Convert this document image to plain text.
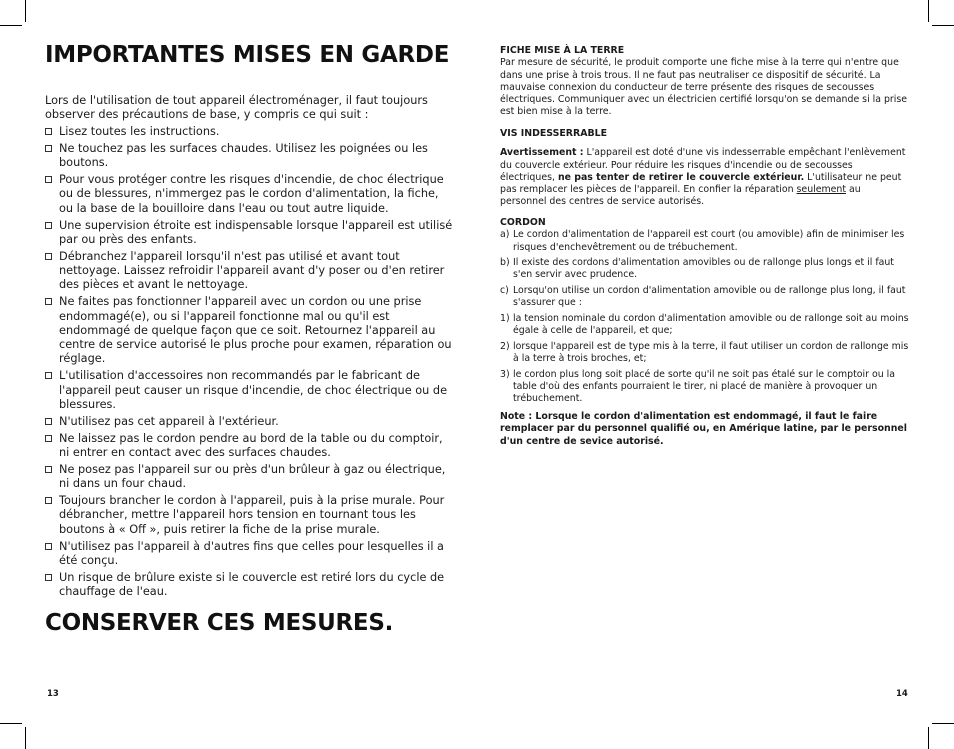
IMPORTANTES MISES EN GARDE

Lors de l'utilisation de tout appareil électroménager, il faut toujours observer des précautions de base, y compris ce qui suit :

Lisez toutes les instructions.
Ne touchez pas les surfaces chaudes. Utilisez les poignées ou les boutons.
Pour vous protéger contre les risques d'incendie, de choc électrique ou de blessures, n'immergez pas le cordon d'alimentation, la fiche, ou la base de la bouilloire dans l'eau ou tout autre liquide.
Une supervision étroite est indispensable lorsque l'appareil est utilisé par ou près des enfants.
Débranchez l'appareil lorsqu'il n'est pas utilisé et avant tout nettoyage. Laissez refroidir l'appareil avant d'y poser ou d'en retirer des pièces et avant le nettoyage.
Ne faites pas fonctionner l'appareil avec un cordon ou une prise endommagé(e), ou si l'appareil fonctionne mal ou qu'il est endommagé de quelque façon que ce soit. Retournez l'appareil au centre de service autorisé le plus proche pour examen, réparation ou réglage.
L'utilisation d'accessoires non recommandés par le fabricant de l'appareil peut causer un risque d'incendie, de choc électrique ou de blessures.
N'utilisez pas cet appareil à l'extérieur.
Ne laissez pas le cordon pendre au bord de la table ou du comptoir, ni entrer en contact avec des surfaces chaudes.
Ne posez pas l'appareil sur ou près d'un brûleur à gaz ou électrique, ni dans un four chaud.
Toujours brancher le cordon à l'appareil, puis à la prise murale. Pour débrancher, mettre l'appareil hors tension en tournant tous les boutons à « Off », puis retirer la fiche de la prise murale.
N'utilisez pas l'appareil à d'autres fins que celles pour lesquelles il a été conçu.
Un risque de brûlure existe si le couvercle est retiré lors du cycle de chauffage de l'eau.
CONSERVER CES MESURES.
13
FICHE MISE À LA TERRE
Par mesure de sécurité, le produit comporte une fiche mise à la terre qui n'entre que dans une prise à trois trous. Il ne faut pas neutraliser ce dispositif de sécurité. La mauvaise connexion du conducteur de terre présente des risques de secousses électriques. Communiquer avec un électricien certifié lorsqu'on se demande si la prise est bien mise à la terre.
VIS INDESSERRABLE
Avertissement : L'appareil est doté d'une vis indesserrable empêchant l'enlèvement du couvercle extérieur. Pour réduire les risques d'incendie ou de secousses électriques, ne pas tenter de retirer le couvercle extérieur. L'utilisateur ne peut pas remplacer les pièces de l'appareil. En confier la réparation seulement au personnel des centres de service autorisés.
CORDON
a) Le cordon d'alimentation de l'appareil est court (ou amovible) afin de minimiser les risques d'enchevêtrement ou de trébuchement.
b) Il existe des cordons d'alimentation amovibles ou de rallonge plus longs et il faut s'en servir avec prudence.
c) Lorsqu'on utilise un cordon d'alimentation amovible ou de rallonge plus long, il faut s'assurer que :
1) la tension nominale du cordon d'alimentation amovible ou de rallonge soit au moins égale à celle de l'appareil, et que;
2) lorsque l'appareil est de type mis à la terre, il faut utiliser un cordon de rallonge mis à la terre à trois broches, et;
3) le cordon plus long soit placé de sorte qu'il ne soit pas étalé sur le comptoir ou la table d'où des enfants pourraient le tirer, ni placé de manière à provoquer un trébuchement.

Note : Lorsque le cordon d'alimentation est endommagé, il faut le faire remplacer par du personnel qualifié ou, en Amérique latine, par le personnel d'un centre de sevice autorisé.

14
